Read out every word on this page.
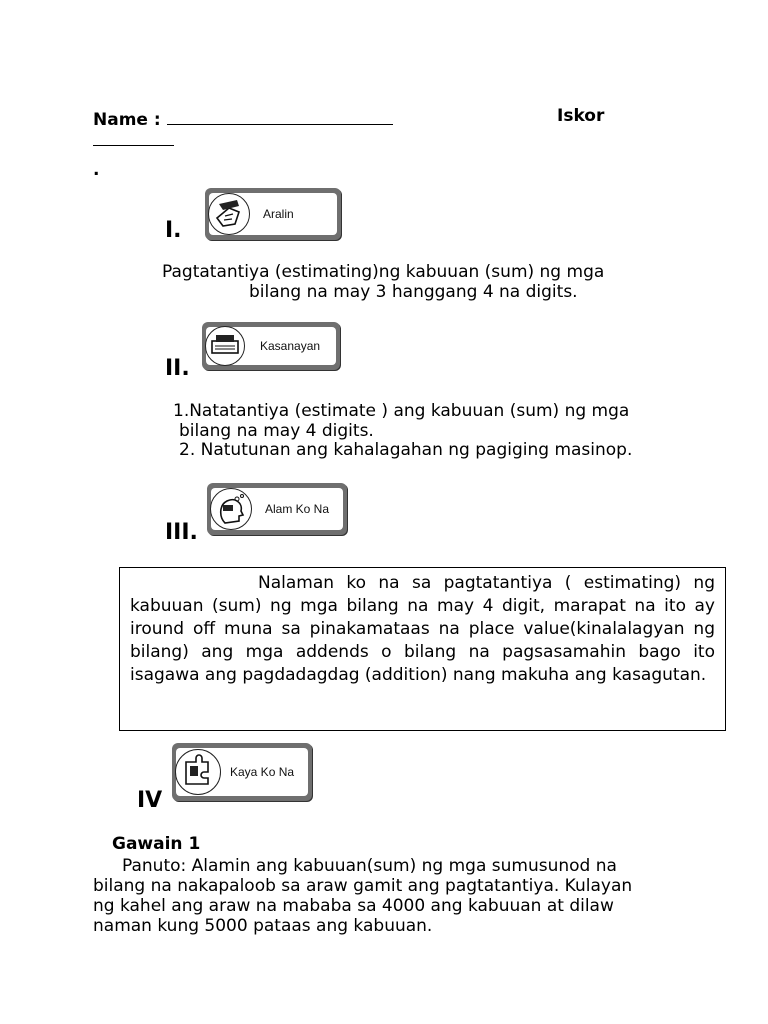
Name :	Iskor
.
I.
Aralin
Pagtatantiya (estimating)ng kabuuan (sum) ng mga
bilang na may 3 hanggang 4 na digits.
II.
Kasanayan
1.Natatantiya (estimate ) ang kabuuan (sum) ng mga
bilang na may 4 digits.
2. Natutunan ang kahalagahan ng pagiging masinop.
III.
Alam Ko Na
Nalaman ko na sa pagtatantiya ( estimating) ng kabuuan (sum) ng mga bilang na may 4 digit, marapat na ito ay iround off muna sa pinakamataas na place value(kinalalagyan ng bilang) ang mga addends o bilang na pagsasamahin bago ito isagawa ang pagdadagdag (addition) nang makuha ang kasagutan.
IV
Kaya Ko Na
Gawain 1
Panuto: Alamin ang kabuuan(sum) ng mga sumusunod na
bilang na nakapaloob sa araw gamit ang pagtatantiya. Kulayan
ng kahel ang araw na mababa sa 4000 ang kabuuan at dilaw
naman kung 5000 pataas ang kabuuan.
